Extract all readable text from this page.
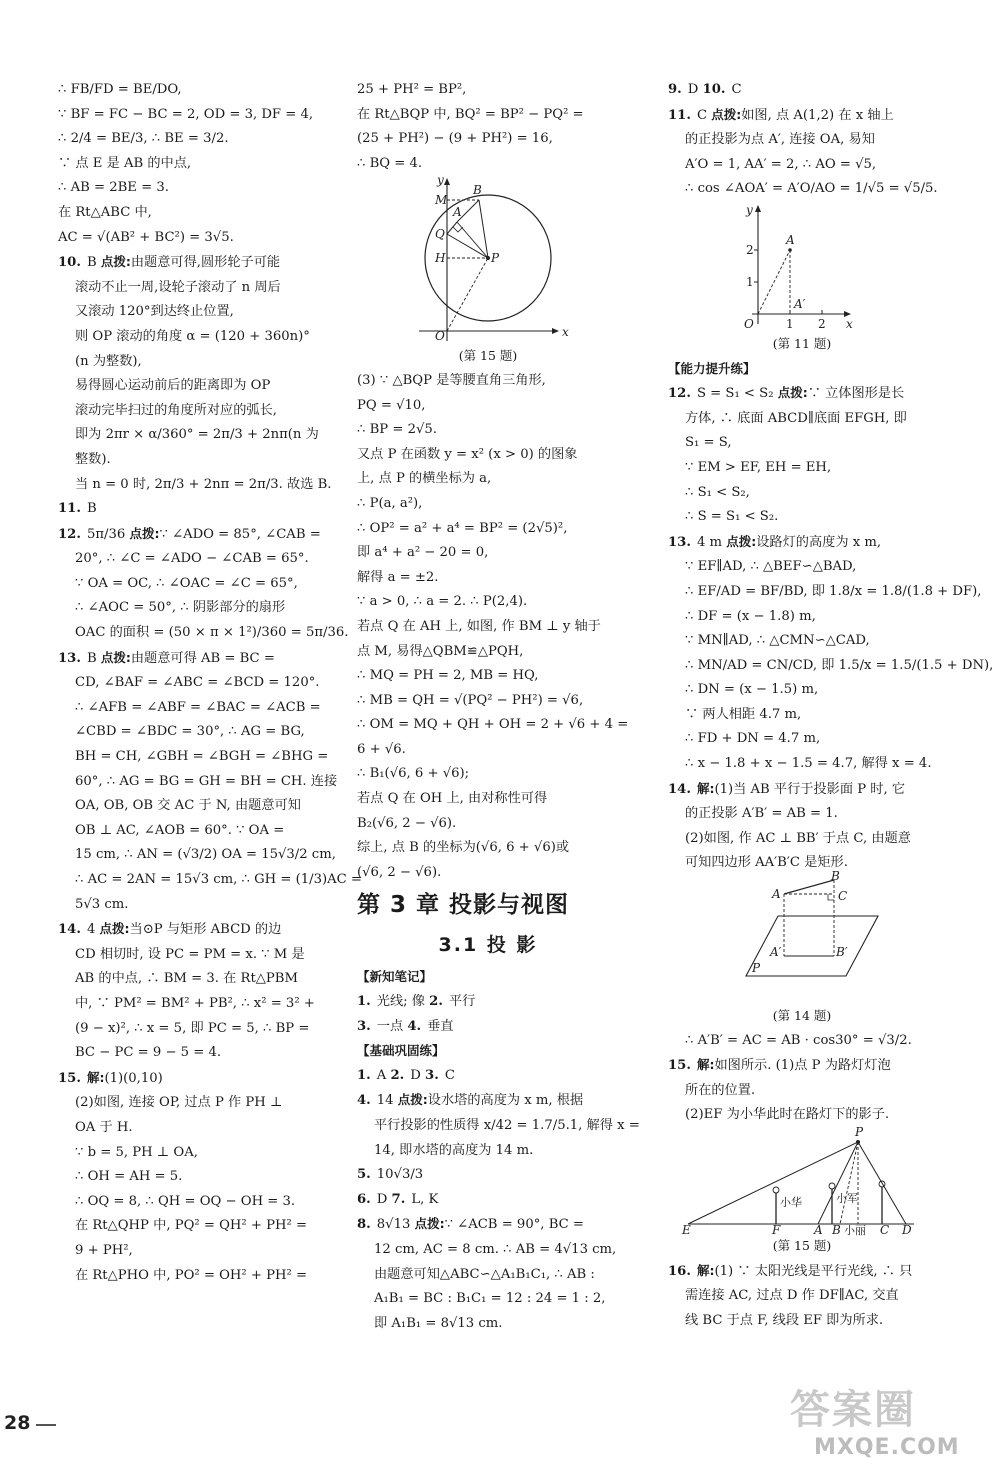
∴ FB/FD = BE/DO,
∵ BF = FC − BC = 2, OD = 3, DF = 4,
∴ 2/4 = BE/3, ∴ BE = 3/2.
∵ 点 E 是 AB 的中点,
∴ AB = 2BE = 3.
在 Rt△ABC 中,
AC = √(AB² + BC²) = 3√5.
10. B 点拨:由题意可得,圆形轮子可能
滚动不止一周,设轮子滚动了 n 周后
又滚动 120°到达终止位置,
则 OP 滚动的角度 α = (120 + 360n)°
(n 为整数),
易得圆心运动前后的距离即为 OP
滚动完毕扫过的角度所对应的弧长,
即为 2πr × α/360° = 2π/3 + 2nπ(n 为
整数).
当 n = 0 时, 2π/3 + 2nπ = 2π/3. 故选 B.
11. B
12. 5π/36 点拨:∵ ∠ADO = 85°, ∠CAB =
20°, ∴ ∠C = ∠ADO − ∠CAB = 65°.
∵ OA = OC, ∴ ∠OAC = ∠C = 65°,
∴ ∠AOC = 50°, ∴ 阴影部分的扇形
OAC 的面积 = (50 × π × 1²)/360 = 5π/36.
13. B 点拨:由题意可得 AB = BC =
CD, ∠BAF = ∠ABC = ∠BCD = 120°.
∴ ∠AFB = ∠ABF = ∠BAC = ∠ACB =
∠CBD = ∠BDC = 30°, ∴ AG = BG,
BH = CH, ∠GBH = ∠BGH = ∠BHG =
60°, ∴ AG = BG = GH = BH = CH. 连接
OA, OB, OB 交 AC 于 N, 由题意可知
OB ⊥ AC, ∠AOB = 60°. ∵ OA =
15 cm, ∴ AN = (√3/2) OA = 15√3/2 cm,
∴ AC = 2AN = 15√3 cm, ∴ GH = (1/3)AC =
5√3 cm.
14. 4 点拨:当⊙P 与矩形 ABCD 的边
CD 相切时, 设 PC = PM = x. ∵ M 是
AB 的中点, ∴ BM = 3. 在 Rt△PBM
中, ∵ PM² = BM² + PB², ∴ x² = 3² +
(9 − x)², ∴ x = 5, 即 PC = 5, ∴ BP =
BC − PC = 9 − 5 = 4.
15. 解:(1)(0,10)
(2)如图, 连接 OP, 过点 P 作 PH ⊥
OA 于 H.
∵ b = 5, PH ⊥ OA,
∴ OH = AH = 5.
∴ OQ = 8, ∴ QH = OQ − OH = 3.
在 Rt△QHP 中, PQ² = QH² + PH² =
9 + PH²,
在 Rt△PHO 中, PO² = OH² + PH² =
25 + PH² = BP²,
在 Rt△BQP 中, BQ² = BP² − PQ² =
(25 + PH²) − (9 + PH²) = 16,
∴ BQ = 4.
y
x
B
M
A
Q
H	P
O
(第 15 题)
(3) ∵ △BQP 是等腰直角三角形,
PQ = √10,
∴ BP = 2√5.
又点 P 在函数 y = x² (x > 0) 的图象
上, 点 P 的横坐标为 a,
∴ P(a, a²),
∴ OP² = a² + a⁴ = BP² = (2√5)²,
即 a⁴ + a² − 20 = 0,
解得 a = ±2.
∵ a > 0, ∴ a = 2. ∴ P(2,4).
若点 Q 在 AH 上, 如图, 作 BM ⊥ y 轴于
点 M, 易得△QBM≌△PQH,
∴ MQ = PH = 2, MB = HQ,
∴ MB = QH = √(PQ² − PH²) = √6,
∴ OM = MQ + QH + OH = 2 + √6 + 4 =
6 + √6.
∴ B₁(√6, 6 + √6);
若点 Q 在 OH 上, 由对称性可得
B₂(√6, 2 − √6).
综上, 点 B 的坐标为(√6, 6 + √6)或
(√6, 2 − √6).
第 3 章 投影与视图
3.1 投 影
【新知笔记】
1. 光线; 像 2. 平行
3. 一点 4. 垂直
【基础巩固练】
1. A 2. D 3. C
4. 14 点拨:设水塔的高度为 x m, 根据
平行投影的性质得 x/42 = 1.7/5.1, 解得 x =
14, 即水塔的高度为 14 m.
5. 10√3/3
6. D 7. L, K
8. 8√13 点拨:∵ ∠ACB = 90°, BC =
12 cm, AC = 8 cm. ∴ AB = 4√13 cm,
由题意可知△ABC∽△A₁B₁C₁, ∴ AB :
A₁B₁ = BC : B₁C₁ = 12 : 24 = 1 : 2,
即 A₁B₁ = 8√13 cm.
9. D 10. C
11. C 点拨:如图, 点 A(1,2) 在 x 轴上
的正投影为点 A′, 连接 OA, 易知
A′O = 1, AA′ = 2, ∴ AO = √5,
∴ cos ∠AOA′ = A′O/AO = 1/√5 = √5/5.
y
x
A
A′
O	1 2
1
2
(第 11 题)
【能力提升练】
12. S = S₁ < S₂ 点拨:∵ 立体图形是长
方体, ∴ 底面 ABCD∥底面 EFGH, 即
S₁ = S,
∵ EM > EF, EH = EH,
∴ S₁ < S₂,
∴ S = S₁ < S₂.
13. 4 m 点拨:设路灯的高度为 x m,
∵ EF∥AD, ∴ △BEF∽△BAD,
∴ EF/AD = BF/BD, 即 1.8/x = 1.8/(1.8 + DF),
∴ DF = (x − 1.8) m,
∵ MN∥AD, ∴ △CMN∽△CAD,
∴ MN/AD = CN/CD, 即 1.5/x = 1.5/(1.5 + DN),
∴ DN = (x − 1.5) m,
∵ 两人相距 4.7 m,
∴ FD + DN = 4.7 m,
∴ x − 1.8 + x − 1.5 = 4.7, 解得 x = 4.
14. 解:(1)当 AB 平行于投影面 P 时, 它
的正投影 A′B′ = AB = 1.
(2)如图, 作 AC ⊥ BB′ 于点 C, 由题意
可知四边形 AA′B′C 是矩形.
B
A	C
A′	B′
P
(第 14 题)
∴ A′B′ = AC = AB · cos30° = √3/2.
15. 解:如图所示. (1)点 P 为路灯灯泡
所在的位置.
(2)EF 为小华此时在路灯下的影子.
P
E	F	A B	C D
小华	小军
小丽
(第 15 题)
16. 解:(1) ∵ 太阳光线是平行光线, ∴ 只
需连接 AC, 过点 D 作 DF∥AC, 交直
线 BC 于点 F, 线段 EF 即为所求.
28	答案圈
MXQE.COM
